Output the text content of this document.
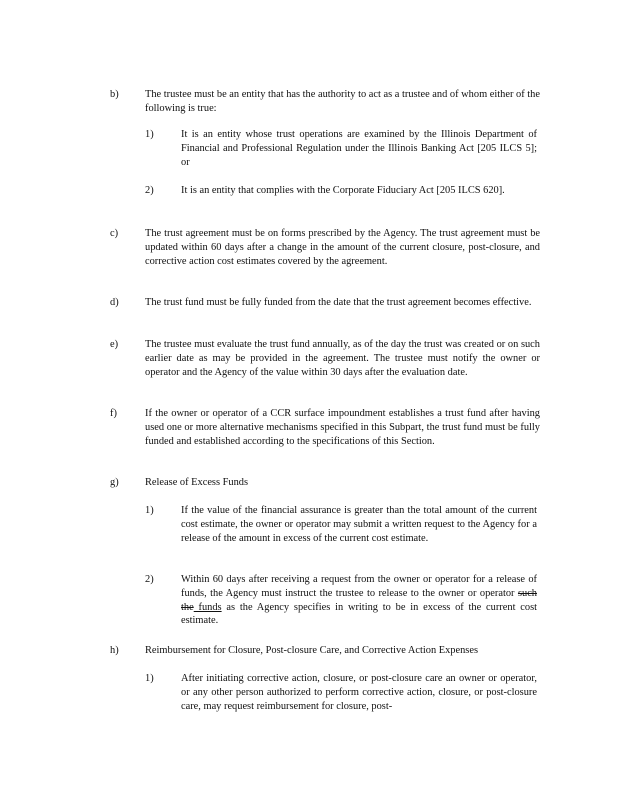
b)	The trustee must be an entity that has the authority to act as a trustee and of whom either of the following is true:
1)	It is an entity whose trust operations are examined by the Illinois Department of Financial and Professional Regulation under the Illinois Banking Act [205 ILCS 5]; or
2)	It is an entity that complies with the Corporate Fiduciary Act [205 ILCS 620].
c)	The trust agreement must be on forms prescribed by the Agency. The trust agreement must be updated within 60 days after a change in the amount of the current closure, post-closure, and corrective action cost estimates covered by the agreement.
d)	The trust fund must be fully funded from the date that the trust agreement becomes effective.
e)	The trustee must evaluate the trust fund annually, as of the day the trust was created or on such earlier date as may be provided in the agreement. The trustee must notify the owner or operator and the Agency of the value within 30 days after the evaluation date.
f)	If the owner or operator of a CCR surface impoundment establishes a trust fund after having used one or more alternative mechanisms specified in this Subpart, the trust fund must be fully funded and established according to the specifications of this Section.
g)	Release of Excess Funds
1)	If the value of the financial assurance is greater than the total amount of the current cost estimate, the owner or operator may submit a written request to the Agency for a release of the amount in excess of the current cost estimate.
2)	Within 60 days after receiving a request from the owner or operator for a release of funds, the Agency must instruct the trustee to release to the owner or operator such the funds as the Agency specifies in writing to be in excess of the current cost estimate.
h)	Reimbursement for Closure, Post-closure Care, and Corrective Action Expenses
1)	After initiating corrective action, closure, or post-closure care an owner or operator, or any other person authorized to perform corrective action, closure, or post-closure care, may request reimbursement for closure, post-
